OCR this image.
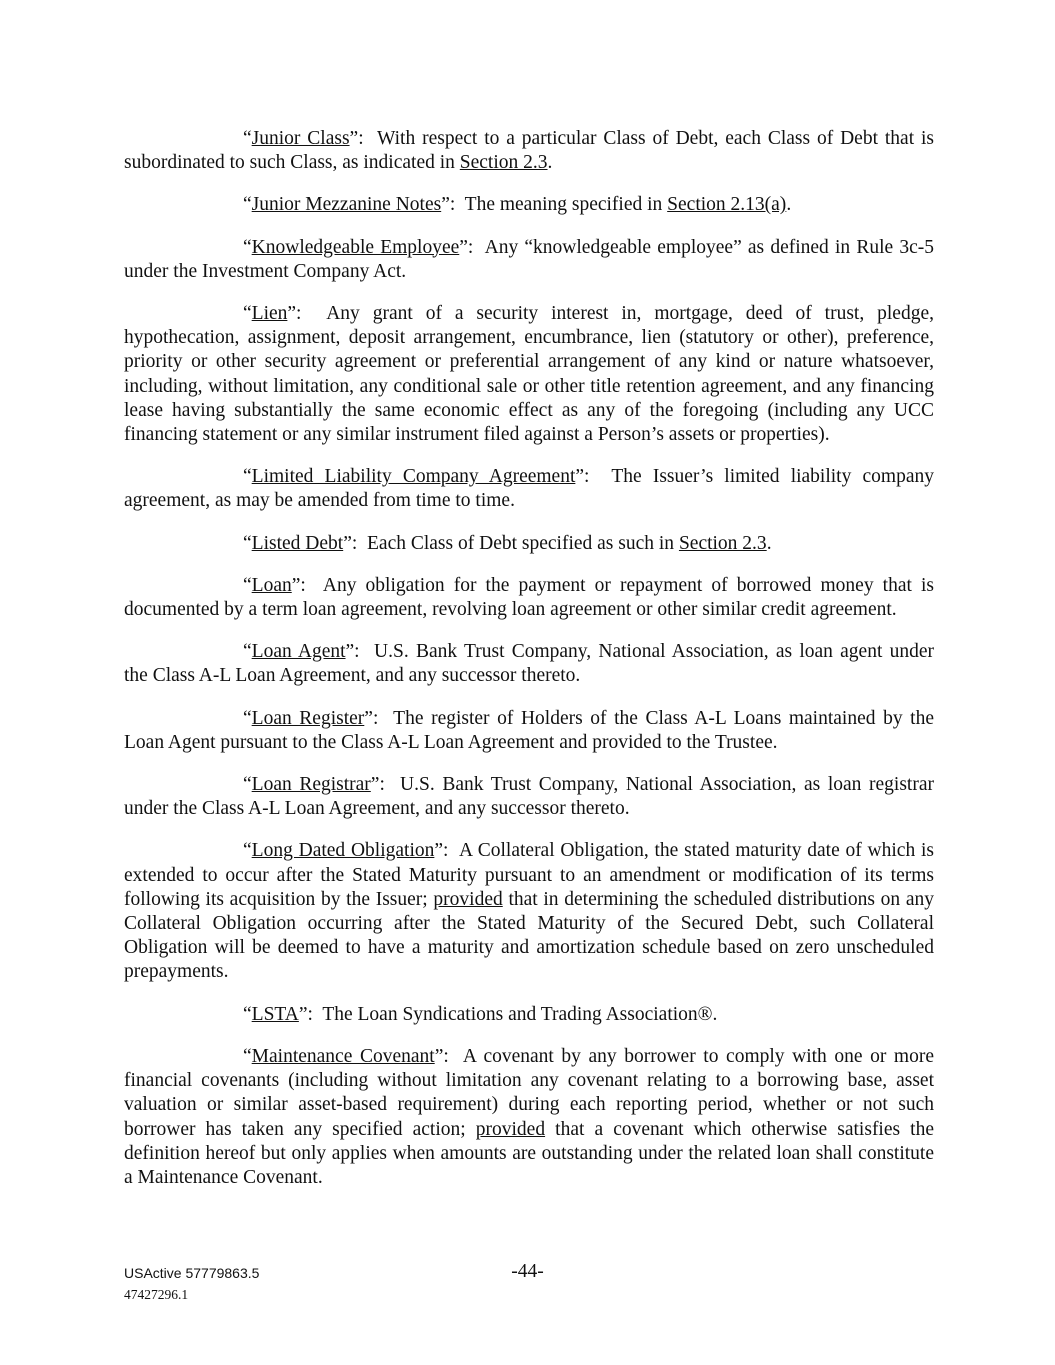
“Junior Class”:  With respect to a particular Class of Debt, each Class of Debt that is subordinated to such Class, as indicated in Section 2.3.

“Junior Mezzanine Notes”:  The meaning specified in Section 2.13(a).

“Knowledgeable Employee”:  Any “knowledgeable employee” as defined in Rule 3c-5 under the Investment Company Act.

“Lien”:  Any grant of a security interest in, mortgage, deed of trust, pledge, hypothecation, assignment, deposit arrangement, encumbrance, lien (statutory or other), preference, priority or other security agreement or preferential arrangement of any kind or nature whatsoever, including, without limitation, any conditional sale or other title retention agreement, and any financing lease having substantially the same economic effect as any of the foregoing (including any UCC financing statement or any similar instrument filed against a Person’s assets or properties).

“Limited Liability Company Agreement”:  The Issuer’s limited liability company agreement, as may be amended from time to time.

“Listed Debt”:  Each Class of Debt specified as such in Section 2.3.

“Loan”:  Any obligation for the payment or repayment of borrowed money that is documented by a term loan agreement, revolving loan agreement or other similar credit agreement.

“Loan Agent”:  U.S. Bank Trust Company, National Association, as loan agent under the Class A-L Loan Agreement, and any successor thereto.

“Loan Register”:  The register of Holders of the Class A-L Loans maintained by the Loan Agent pursuant to the Class A-L Loan Agreement and provided to the Trustee.

“Loan Registrar”:  U.S. Bank Trust Company, National Association, as loan registrar under the Class A-L Loan Agreement, and any successor thereto.

“Long Dated Obligation”:  A Collateral Obligation, the stated maturity date of which is extended to occur after the Stated Maturity pursuant to an amendment or modification of its terms following its acquisition by the Issuer; provided that in determining the scheduled distributions on any Collateral Obligation occurring after the Stated Maturity of the Secured Debt, such Collateral Obligation will be deemed to have a maturity and amortization schedule based on zero unscheduled prepayments.

“LSTA”:  The Loan Syndications and Trading Association®.

“Maintenance Covenant”:  A covenant by any borrower to comply with one or more financial covenants (including without limitation any covenant relating to a borrowing base, asset valuation or similar asset-based requirement) during each reporting period, whether or not such borrower has taken any specified action; provided that a covenant which otherwise satisfies the definition hereof but only applies when amounts are outstanding under the related loan shall constitute a Maintenance Covenant.

USActive 57779863.5
47427296.1
-44-
